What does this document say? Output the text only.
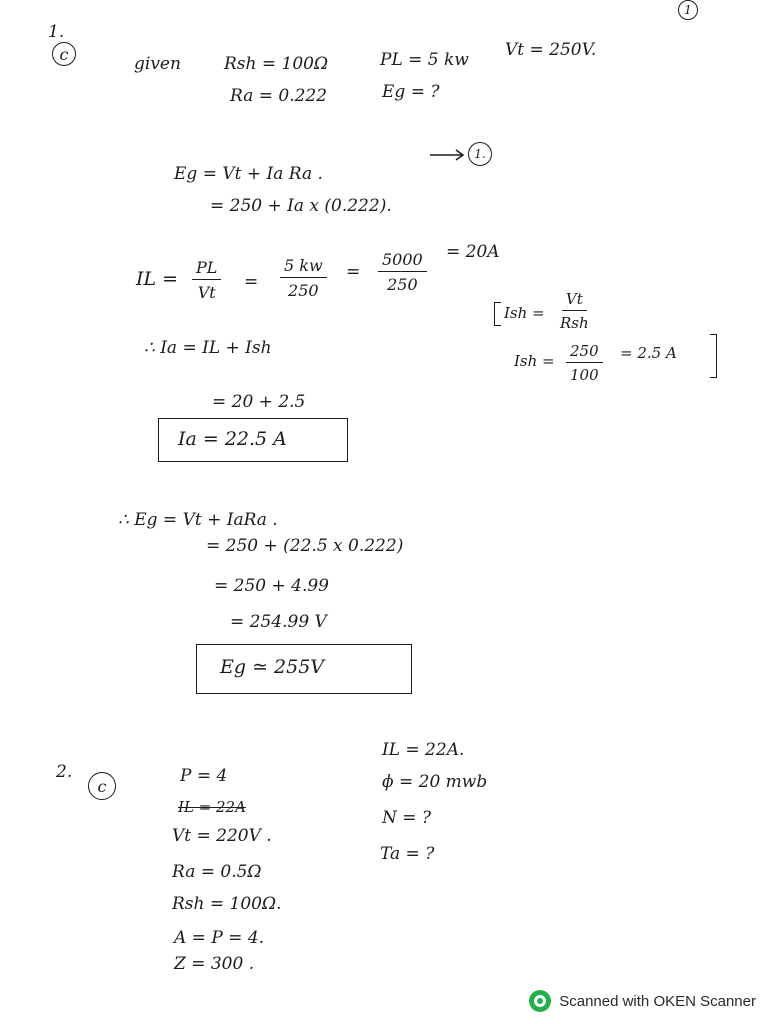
1
1.
c	given	Rsh = 100Ω	PL = 5 kw Vt = 250V.
Ra = 0.222	Eg = ?
Eg = Vt + Ia Ra .
1.
= 250 + Ia x (0.222).
IL = $\frac{PL}{Vt} = \frac{5 kw}{250} = \frac{5000}{250} = 20A$
Ish =
Vt
Rsh
Ish = $\frac{250}{100} = 2.5$ A
∴ Ia = IL + Ish
= 20 + 2.5
Ia = 22.5 A
∴ Eg = Vt + IaRa .
= 250 + (22.5 x 0.222)
= 250 + 4.99
= 254.99 V
Eg ≃ 255V
2.
c	P = 4
IL = 22A
Vt = 220V .
Ra = 0.5Ω
Rsh = 100Ω.
A = P = 4.
Z = 300 .
IL = 22A.
ϕ = 20 mwb
N = ?
Ta = ?
Scanned with OKEN Scanner
